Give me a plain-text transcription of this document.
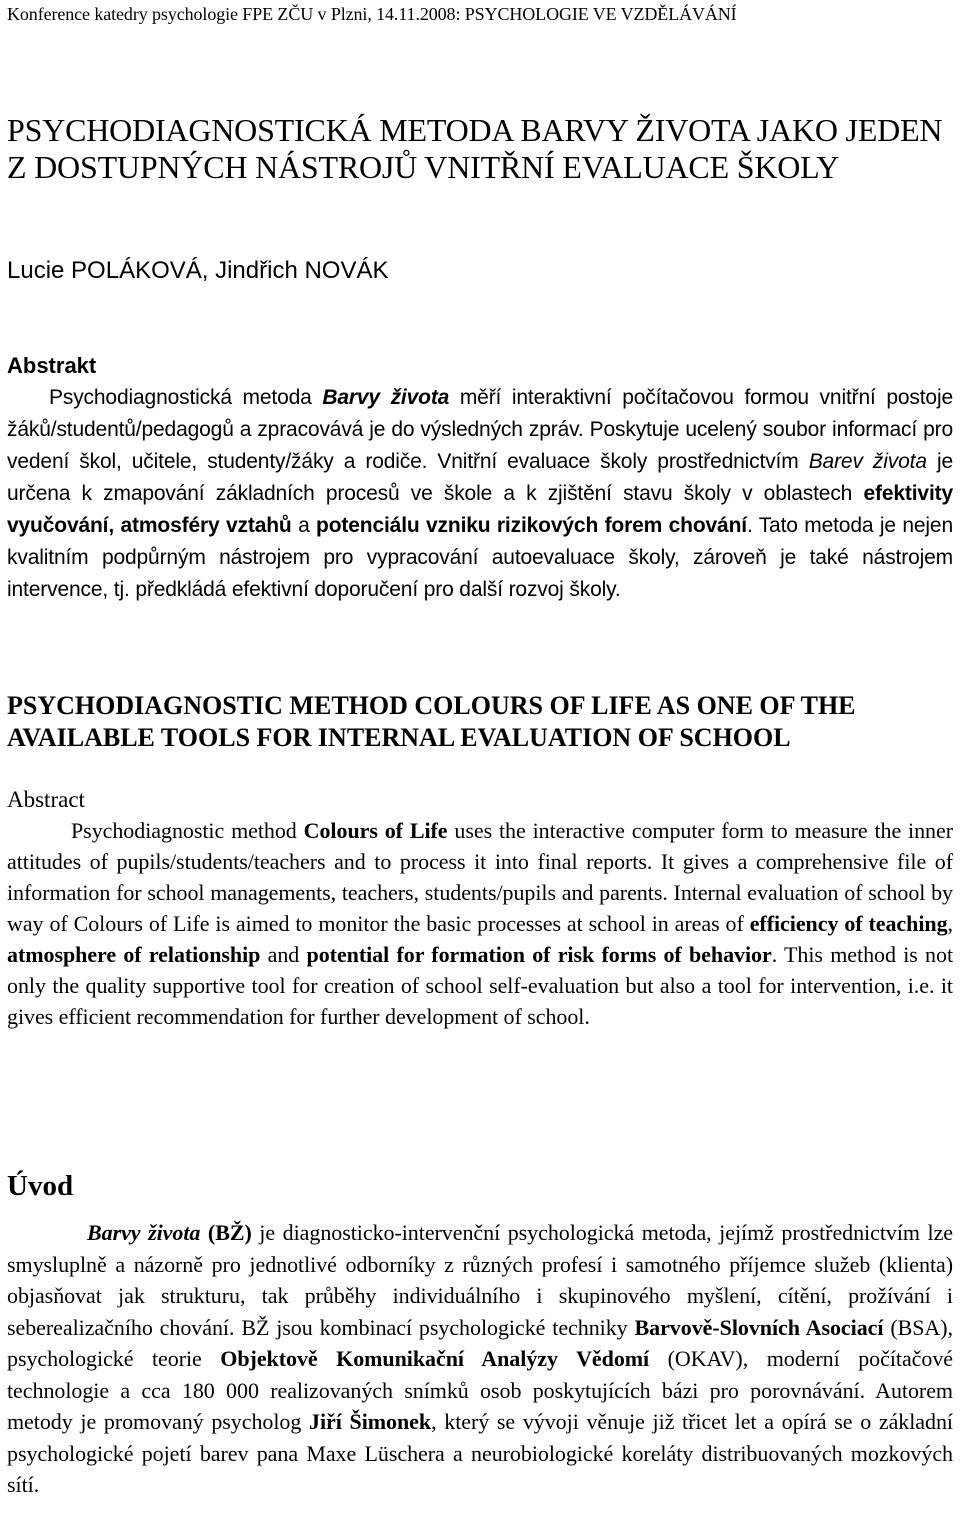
Konference katedry psychologie FPE ZČU v Plzni, 14.11.2008: PSYCHOLOGIE VE VZDĚLÁVÁNÍ
PSYCHODIAGNOSTICKÁ METODA BARVY ŽIVOTA JAKO JEDEN Z DOSTUPNÝCH NÁSTROJŮ VNITŘNÍ EVALUACE ŠKOLY
Lucie POLÁKOVÁ, Jindřich NOVÁK
Abstrakt
Psychodiagnostická metoda Barvy života měří interaktivní počítačovou formou vnitřní postoje žáků/studentů/pedagogů a zpracovává je do výsledných zpráv. Poskytuje ucelený soubor informací pro vedení škol, učitele, studenty/žáky a rodiče. Vnitřní evaluace školy prostřednictvím Barev života je určena k zmapování základních procesů ve škole a k zjištění stavu školy v oblastech efektivity vyučování, atmosféry vztahů a potenciálu vzniku rizikových forem chování. Tato metoda je nejen kvalitním podpůrným nástrojem pro vypracování autoevaluace školy, zároveň je také nástrojem intervence, tj. předkládá efektivní doporučení pro další rozvoj školy.
PSYCHODIAGNOSTIC METHOD COLOURS OF LIFE AS ONE OF THE AVAILABLE TOOLS FOR INTERNAL EVALUATION OF SCHOOL
Abstract
Psychodiagnostic method Colours of Life uses the interactive computer form to measure the inner attitudes of pupils/students/teachers and to process it into final reports. It gives a comprehensive file of information for school managements, teachers, students/pupils and parents. Internal evaluation of school by way of Colours of Life is aimed to monitor the basic processes at school in areas of efficiency of teaching, atmosphere of relationship and potential for formation of risk forms of behavior. This method is not only the quality supportive tool for creation of school self-evaluation but also a tool for intervention, i.e. it gives efficient recommendation for further development of school.
Úvod
Barvy života (BŽ) je diagnosticko-intervenční psychologická metoda, jejímž prostřednictvím lze smysluplně a názorně pro jednotlivé odborníky z různých profesí i samotného příjemce služeb (klienta) objasňovat jak strukturu, tak průběhy individuálního i skupinového myšlení, cítění, prožívání i seberealizačního chování. BŽ jsou kombinací psychologické techniky Barvově-Slovních Asociací (BSA), psychologické teorie Objektově Komunikační Analýzy Vědomí (OKAV), moderní počítačové technologie a cca 180 000 realizovaných snímků osob poskytujících bázi pro porovnávání. Autorem metody je promovaný psycholog Jiří Šimonek, který se vývoji věnuje již třicet let a opírá se o základní psychologické pojetí barev pana Maxe Lüschera a neurobiologické koreláty distribuovaných mozkových sítí.
